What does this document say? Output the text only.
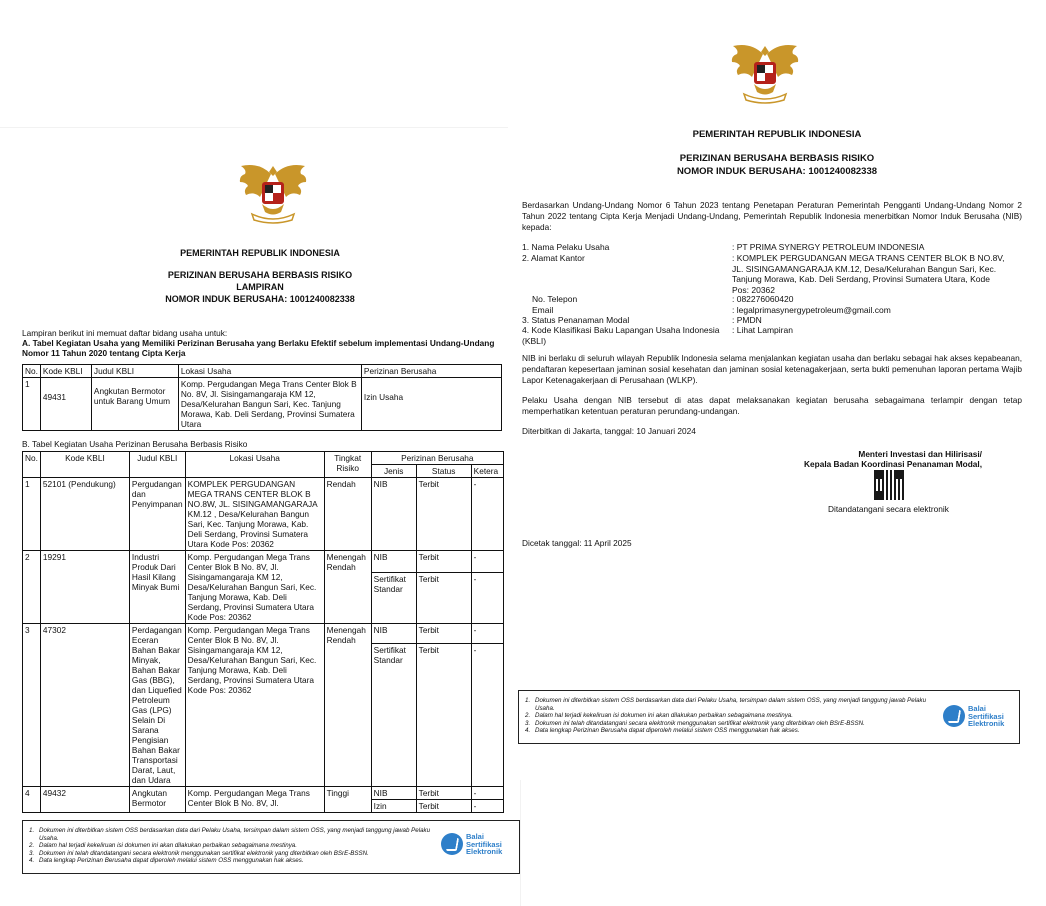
PEMERINTAH REPUBLIK INDONESIA
PERIZINAN BERUSAHA BERBASIS RISIKO
LAMPIRAN
NOMOR INDUK BERUSAHA: 1001240082338
Lampiran berikut ini memuat daftar bidang usaha untuk:
A. Tabel Kegiatan Usaha yang Memiliki Perizinan Berusaha yang Berlaku Efektif sebelum implementasi Undang-Undang
Nomor 11 Tahun 2020 tentang Cipta Kerja
No.	Kode KBLI	Judul KBLI	Lokasi Usaha	Perizinan Berusaha
1	49431	Angkutan Bermotor untuk Barang Umum	Komp. Pergudangan Mega Trans Center Blok B No. 8V, Jl. Sisingamangaraja KM 12, Desa/Kelurahan Bangun Sari, Kec. Tanjung Morawa, Kab. Deli Serdang, Provinsi Sumatera Utara	Izin Usaha
B. Tabel Kegiatan Usaha Perizinan Berusaha Berbasis Risiko
No.	Kode KBLI	Judul KBLI	Lokasi Usaha	Tingkat Risiko	Perizinan Berusaha		
					Jenis	Status	Ketera
1	52101 (Pendukung)	Pergudangan dan Penyimpanan	KOMPLEK PERGUDANGAN MEGA TRANS CENTER BLOK B NO.8W, JL. SISINGAMANGARAJA KM.12 , Desa/Kelurahan Bangun Sari, Kec. Tanjung Morawa, Kab. Deli Serdang, Provinsi Sumatera Utara Kode Pos: 20362	Rendah	NIB	Terbit	-
2	19291	Industri Produk Dari Hasil Kilang Minyak Bumi	Komp. Pergudangan Mega Trans Center Blok B No. 8V, Jl. Sisingamangaraja KM 12, Desa/Kelurahan Bangun Sari, Kec. Tanjung Morawa, Kab. Deli Serdang, Provinsi Sumatera Utara Kode Pos: 20362	Menengah Rendah	NIB	Terbit	-
					Sertifikat Standar	Terbit	-
3	47302	Perdagangan Eceran Bahan Bakar Minyak, Bahan Bakar Gas (BBG), dan Liquefied Petroleum Gas (LPG) Selain Di Sarana Pengisian Bahan Bakar Transportasi Darat, Laut, dan Udara	Komp. Pergudangan Mega Trans Center Blok B No. 8V, Jl. Sisingamangaraja KM 12, Desa/Kelurahan Bangun Sari, Kec. Tanjung Morawa, Kab. Deli Serdang, Provinsi Sumatera Utara Kode Pos: 20362	Menengah Rendah	NIB	Terbit	-
					Sertifikat Standar	Terbit	-
4	49432	Angkutan Bermotor	Komp. Pergudangan Mega Trans Center Blok B No. 8V, Jl.	Tinggi	NIB	Terbit	-
					Izin	Terbit	-
1. Dokumen ini diterbitkan sistem OSS berdasarkan data dari Pelaku Usaha, tersimpan dalam sistem OSS, yang menjadi tanggung jawab Pelaku Usaha.
2. Dalam hal terjadi kekeliruan isi dokumen ini akan dilakukan perbaikan sebagaimana mestinya.
3. Dokumen ini telah ditandatangani secara elektronik menggunakan sertifikat elektronik yang diterbitkan oleh BSrE-BSSN.
4. Data lengkap Perizinan Berusaha dapat diperoleh melalui sistem OSS menggunakan hak akses.
Balai
Sertifikasi
Elektronik
PEMERINTAH REPUBLIK INDONESIA
PERIZINAN BERUSAHA BERBASIS RISIKO
NOMOR INDUK BERUSAHA: 1001240082338
Berdasarkan Undang-Undang Nomor 6 Tahun 2023 tentang Penetapan Peraturan Pemerintah Pengganti Undang-Undang Nomor 2 Tahun 2022 tentang Cipta Kerja Menjadi Undang-Undang, Pemerintah Republik Indonesia menerbitkan Nomor Induk Berusaha (NIB) kepada:
1. Nama Pelaku Usaha	: PT PRIMA SYNERGY PETROLEUM INDONESIA
2. Alamat Kantor	: KOMPLEK PERGUDANGAN MEGA TRANS CENTER BLOK B NO.8V, JL. SISINGAMANGARAJA KM.12, Desa/Kelurahan Bangun Sari, Kec. Tanjung Morawa, Kab. Deli Serdang, Provinsi Sumatera Utara, Kode Pos: 20362
No. Telepon	: 082276060420
Email	: legalprimasynergypetroleum@gmail.com
3. Status Penanaman Modal	: PMDN
4. Kode Klasifikasi Baku Lapangan Usaha Indonesia (KBLI)
: Lihat Lampiran
NIB ini berlaku di seluruh wilayah Republik Indonesia selama menjalankan kegiatan usaha dan berlaku sebagai hak akses kepabeanan, pendaftaran kepesertaan jaminan sosial kesehatan dan jaminan sosial ketenagakerjaan, serta bukti pemenuhan laporan pertama Wajib Lapor Ketenagakerjaan di Perusahaan (WLKP).
Pelaku Usaha dengan NIB tersebut di atas dapat melaksanakan kegiatan berusaha sebagaimana terlampir dengan tetap memperhatikan ketentuan peraturan perundang-undangan.
Diterbitkan di Jakarta, tanggal: 10 Januari 2024
Menteri Investasi dan Hilirisasi/
Kepala Badan Koordinasi Penanaman Modal,
Ditandatangani secara elektronik
Dicetak tanggal: 11 April 2025
1. Dokumen ini diterbitkan sistem OSS berdasarkan data dari Pelaku Usaha, tersimpan dalam sistem OSS, yang menjadi tanggung jawab Pelaku Usaha.
2. Dalam hal terjadi kekeliruan isi dokumen ini akan dilakukan perbaikan sebagaimana mestinya.
3. Dokumen ini telah ditandatangani secara elektronik menggunakan sertifikat elektronik yang diterbitkan oleh BSrE-BSSN.
4. Data lengkap Perizinan Berusaha dapat diperoleh melalui sistem OSS menggunakan hak akses.
Balai
Sertifikasi
Elektronik
